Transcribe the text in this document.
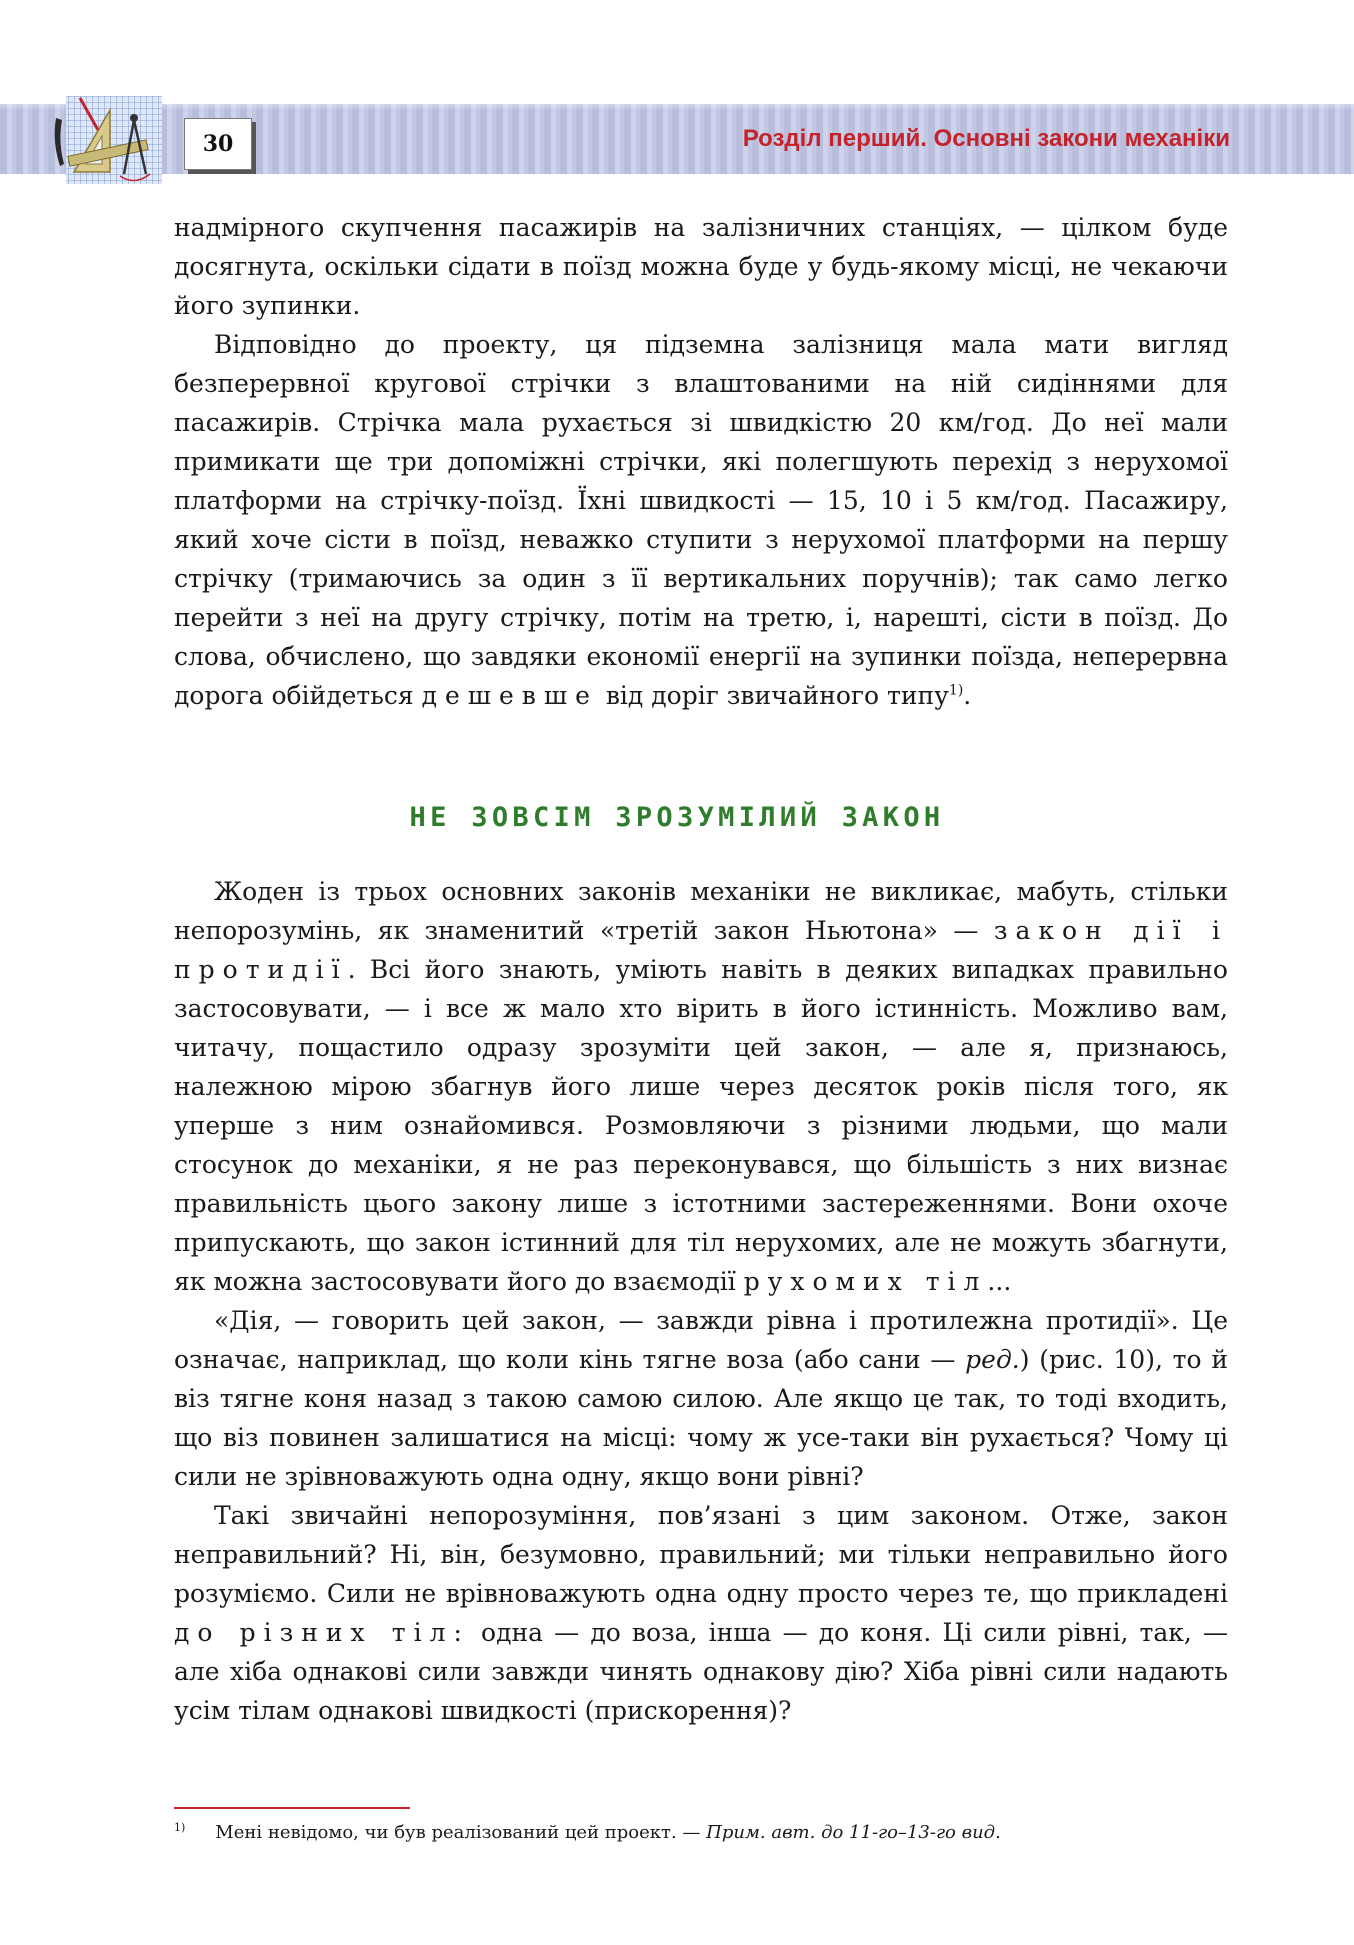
30	Розділ перший. Основні закони механіки

надмірного скупчення пасажирів на залізничних станціях, — цілком буде досягнута, оскільки сідати в поїзд можна буде у будь-якому місці, не чекаючи його зупинки.

Відповідно до проекту, ця підземна залізниця мала мати вигляд безперервної кругової стрічки з влаштованими на ній сидіннями для пасажирів. Стрічка мала рухається зі швидкістю 20 км/год. До неї мали примикати ще три допоміжні стрічки, які полегшують перехід з нерухомої платформи на стрічку-поїзд. Їхні швидкості — 15, 10 і 5 км/год. Пасажиру, який хоче сісти в поїзд, неважко ступити з нерухомої платформи на першу стрічку (тримаючись за один з її вертикальних поручнів); так само легко перейти з неї на другу стрічку, потім на третю, і, нарешті, сісти в поїзд. До слова, обчислено, що завдяки економії енергії на зупинки поїзда, неперервна дорога обійдеться дешевше від доріг звичайного типу$^{1)}$.

НЕ ЗОВСІМ ЗРОЗУМІЛИЙ ЗАКОН

Жоден із трьох основних законів механіки не викликає, мабуть, стільки непорозумінь, як знаменитий «третій закон Ньютона» — закон дії і протидії. Всі його знають, уміють навіть в деяких випадках правильно застосовувати, — і все ж мало хто вірить в його істинність. Можливо вам, читачу, пощастило одразу зрозуміти цей закон, — але я, признаюсь, належною мірою збагнув його лише через десяток років після того, як уперше з ним ознайомився. Розмовляючи з різними людьми, що мали стосунок до механіки, я не раз переконувався, що більшість з них визнає правильність цього закону лише з істотними застереженнями. Вони охоче припускають, що закон істинний для тіл нерухомих, але не можуть збагнути, як можна застосовувати його до взаємодії рухомих тіл...

«Дія, — говорить цей закон, — завжди рівна і протилежна протидії». Це означає, наприклад, що коли кінь тягне воза (або сани — ред.) (рис. 10), то й віз тягне коня назад з такою самою силою. Але якщо це так, то тоді входить, що віз повинен залишатися на місці: чому ж усе-таки він рухається? Чому ці сили не зрівноважують одна одну, якщо вони рівні?

Такі звичайні непорозуміння, пов’язані з цим законом. Отже, закон неправильний? Ні, він, безумовно, правильний; ми тільки неправильно його розуміємо. Сили не врівноважують одна одну просто через те, що прикладені до різних тіл: одна — до воза, інша — до коня. Ці сили рівні, так, — але хіба однакові сили завжди чинять однакову дію? Хіба рівні сили надають усім тілам однакові швидкості (прискорення)?

$^{1)}$ Мені невідомо, чи був реалізований цей проект. — Прим. авт. до 11-го–13-го вид.
